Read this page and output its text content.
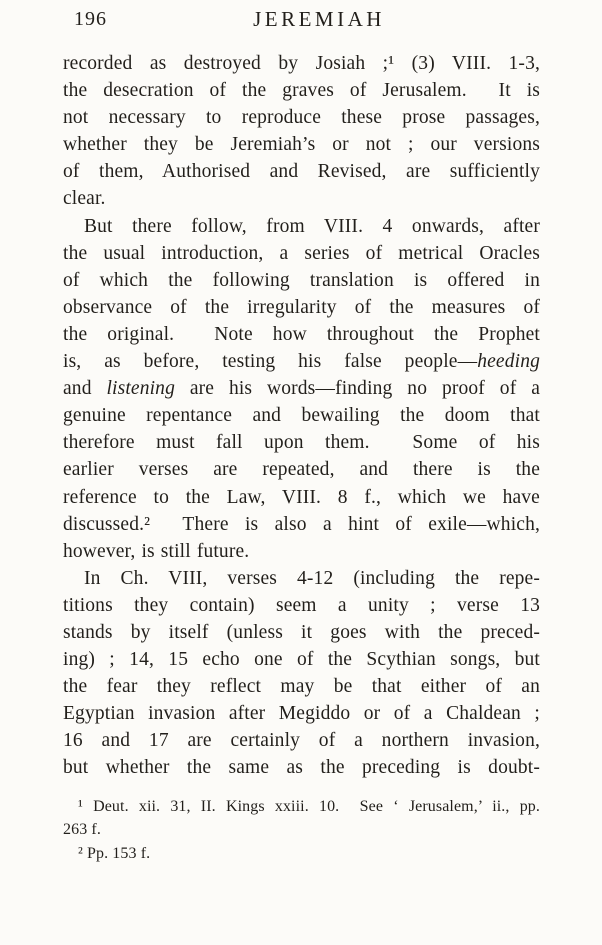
196	JEREMIAH
recorded as destroyed by Josiah ;¹ (3) VIII. 1-3,
the desecration of the graves of Jerusalem.  It is
not necessary to reproduce these prose passages,
whether they be Jeremiah’s or not ; our versions
of them, Authorised and Revised, are sufficiently
clear.
But there follow, from VIII. 4 onwards, after
the usual introduction, a series of metrical Oracles
of which the following translation is offered in
observance of the irregularity of the measures of
the original.  Note how throughout the Prophet
is, as before, testing his false people—heeding
and listening are his words—finding no proof of a
genuine repentance and bewailing the doom that
therefore must fall upon them.  Some of his
earlier verses are repeated, and there is the
reference to the Law, VIII. 8 f., which we have
discussed.²  There is also a hint of exile—which,
however, is still future.
In Ch. VIII, verses 4-12 (including the repe-
titions they contain) seem a unity ; verse 13
stands by itself (unless it goes with the preced-
ing) ; 14, 15 echo one of the Scythian songs, but
the fear they reflect may be that either of an
Egyptian invasion after Megiddo or of a Chaldean ;
16 and 17 are certainly of a northern invasion,
but whether the same as the preceding is doubt-
¹ Deut. xii. 31, II. Kings xxiii. 10.  See ‘ Jerusalem,’ ii., pp.
263 f.
² Pp. 153 f.
